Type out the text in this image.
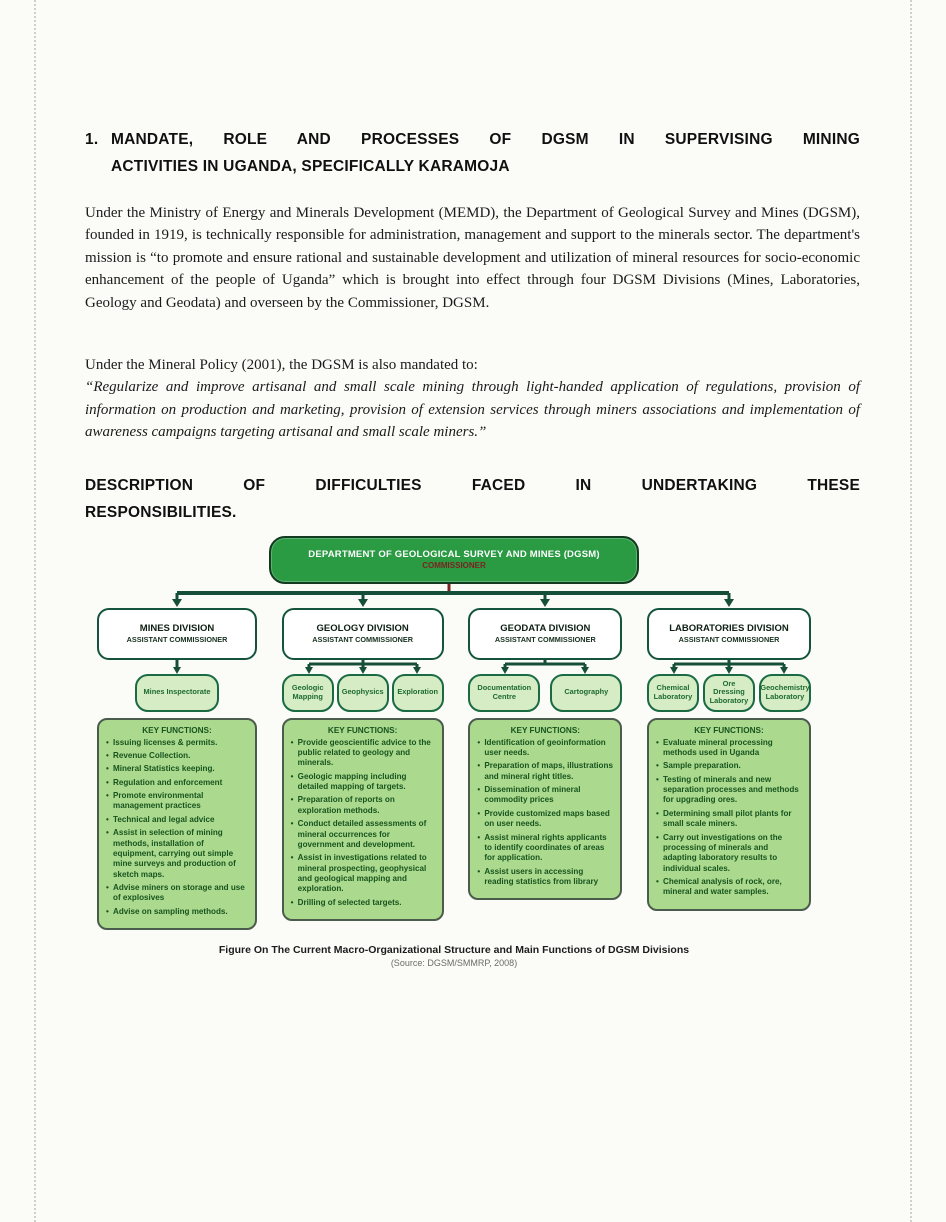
1. MANDATE, ROLE AND PROCESSES OF DGSM IN SUPERVISING MINING
ACTIVITIES IN UGANDA, SPECIFICALLY KARAMOJA
Under the Ministry of Energy and Minerals Development (MEMD), the Department of Geological Survey and Mines (DGSM), founded in 1919, is technically responsible for administration, management and support to the minerals sector. The department's mission is “to promote and ensure rational and sustainable development and utilization of mineral resources for socio-economic enhancement of the people of Uganda” which is brought into effect through four DGSM Divisions (Mines, Laboratories, Geology and Geodata) and overseen by the Commissioner, DGSM.
Under the Mineral Policy (2001), the DGSM is also mandated to:
“Regularize and improve artisanal and small scale mining through light-handed application of regulations, provision of information on production and marketing, provision of extension services through miners associations and implementation of awareness campaigns targeting artisanal and small scale miners.”
DESCRIPTION OF DIFFICULTIES FACED IN UNDERTAKING THESE
RESPONSIBILITIES.
DEPARTMENT OF GEOLOGICAL SURVEY AND MINES (DGSM)
COMMISSIONER
MINES DIVISION
ASSISTANT COMMISSIONER
Mines Inspectorate
KEY FUNCTIONS:
• Issuing licenses & permits.
• Revenue Collection.
• Mineral Statistics keeping.
• Regulation and enforcement
• Promote environmental management practices
• Technical and legal advice
• Assist in selection of mining methods, installation of equipment, carrying out simple mine surveys and production of sketch maps.
• Advise miners on storage and use of explosives
• Advise on sampling methods.
GEOLOGY DIVISION
ASSISTANT COMMISSIONER
Geologic Mapping	Geophysics	Exploration
KEY FUNCTIONS:
• Provide geoscientific advice to the public related to geology and minerals.
• Geologic mapping including detailed mapping of targets.
• Preparation of reports on exploration methods.
• Conduct detailed assessments of mineral occurrences for government and development.
• Assist in investigations related to mineral prospecting, geophysical and geological mapping and exploration.
• Drilling of selected targets.
GEODATA DIVISION
ASSISTANT COMMISSIONER
Documentation Centre	Cartography
KEY FUNCTIONS:
• Identification of geoinformation user needs.
• Preparation of maps, illustrations and mineral right titles.
• Dissemination of mineral commodity prices
• Provide customized maps based on user needs.
• Assist mineral rights applicants to identify coordinates of areas for application.
• Assist users in accessing reading statistics from library
LABORATORIES DIVISION
ASSISTANT COMMISSIONER
Chemical Laboratory
Ore Dressing Laboratory
Geochemistry Laboratory
KEY FUNCTIONS:
• Evaluate mineral processing methods used in Uganda
• Sample preparation.
• Testing of minerals and new separation processes and methods for upgrading ores.
• Determining small pilot plants for small scale miners.
• Carry out investigations on the processing of minerals and adapting laboratory results to individual scales.
• Chemical analysis of rock, ore, mineral and water samples.
Figure On The Current Macro-Organizational Structure and Main Functions of DGSM Divisions
(Source: DGSM/SMMRP, 2008)
